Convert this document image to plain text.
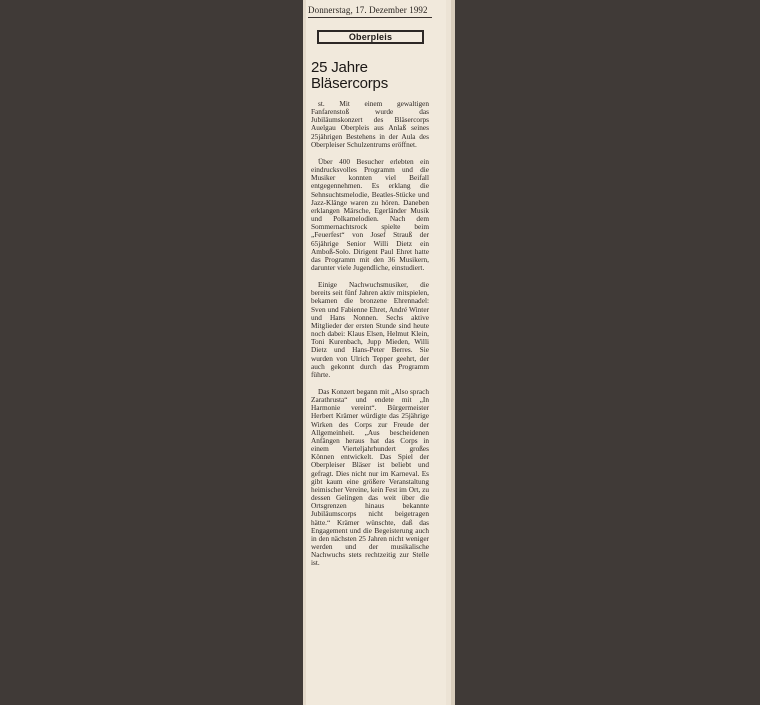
Donnerstag, 17. Dezember 1992
Oberpleis
25 Jahre
Bläsercorps

st. Mit einem gewaltigen Fanfarenstoß wurde das Jubiläumskonzert des Bläsercorps Auelgau Oberpleis aus Anlaß seines 25jährigen Bestehens in der Aula des Oberpleiser Schulzentrums eröffnet.

Über 400 Besucher erlebten ein eindrucksvolles Programm und die Musiker konnten viel Beifall entgegennehmen. Es erklang die Sehnsuchtsmelodie, Beatles-Stücke und Jazz-Klänge waren zu hören. Daneben erklangen Märsche, Egerländer Musik und Polkamelodien. Nach dem Sommernachtsrock spielte beim „Feuerfest“ von Josef Strauß der 65jährige Senior Willi Dietz ein Amboß-Solo. Dirigent Paul Ehret hatte das Programm mit den 36 Musikern, darunter viele Jugendliche, einstudiert.

Einige Nachwuchsmusiker, die bereits seit fünf Jahren aktiv mitspielen, bekamen die bronzene Ehrennadel: Sven und Fabienne Ehret, André Winter und Hans Nonnen. Sechs aktive Mitglieder der ersten Stunde sind heute noch dabei: Klaus Elsen, Helmut Klein, Toni Kurenbach, Jupp Mieden, Willi Dietz und Hans-Peter Berres. Sie wurden von Ulrich Tepper geehrt, der auch gekonnt durch das Programm führte.

Das Konzert begann mit „Also sprach Zarathrusta“ und endete mit „In Harmonie vereint“. Bürgermeister Herbert Krämer würdigte das 25jährige Wirken des Corps zur Freude der Allgemeinheit. „Aus bescheidenen Anfängen heraus hat das Corps in einem Vierteljahrhundert großes Können entwickelt. Das Spiel der Oberpleiser Bläser ist beliebt und gefragt. Dies nicht nur im Karneval. Es gibt kaum eine größere Veranstaltung heimischer Vereine, kein Fest im Ort, zu dessen Gelingen das weit über die Ortsgrenzen hinaus bekannte Jubiläumscorps nicht beigetragen hätte.“ Krämer wünschte, daß das Engagement und die Begeisterung auch in den nächsten 25 Jahren nicht weniger werden und der musikalische Nachwuchs stets rechtzeitig zur Stelle ist.
